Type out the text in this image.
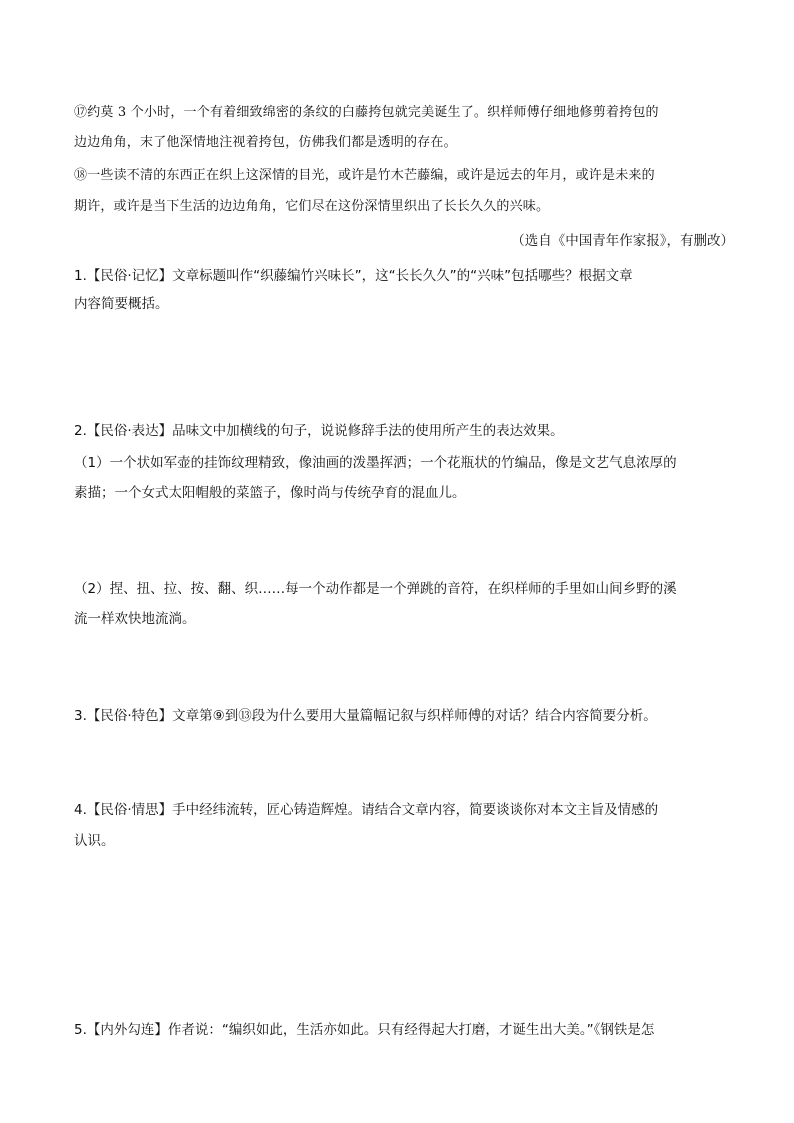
⑰约莫 3 个小时，一个有着细致绵密的条纹的白藤挎包就完美诞生了。织样师傅仔细地修剪着挎包的
边边角角，末了他深情地注视着挎包，仿佛我们都是透明的存在。
⑱一些读不清的东西正在织上这深情的目光，或许是竹木芒藤编，或许是远去的年月，或许是未来的
期许，或许是当下生活的边边角角，它们尽在这份深情里织出了长长久久的兴味。
（选自《中国青年作家报》，有删改）
1.【民俗·记忆】文章标题叫作“织藤编竹兴味长”，这“长长久久”的“兴味”包括哪些？根据文章
内容简要概括。
2.【民俗·表达】品味文中加横线的句子，说说修辞手法的使用所产生的表达效果。
（1）一个状如军壶的挂饰纹理精致，像油画的泼墨挥洒；一个花瓶状的竹编品，像是文艺气息浓厚的
素描；一个女式太阳帽般的菜篮子，像时尚与传统孕育的混血儿。
（2）捏、扭、拉、按、翻、织……每一个动作都是一个弹跳的音符，在织样师的手里如山间乡野的溪
流一样欢快地流淌。
3.【民俗·特色】文章第⑨到⑬段为什么要用大量篇幅记叙与织样师傅的对话？结合内容简要分析。
4.【民俗·情思】手中经纬流转，匠心铸造辉煌。请结合文章内容，简要谈谈你对本文主旨及情感的
认识。
5.【内外勾连】作者说：“编织如此，生活亦如此。只有经得起大打磨，才诞生出大美。”《钢铁是怎
